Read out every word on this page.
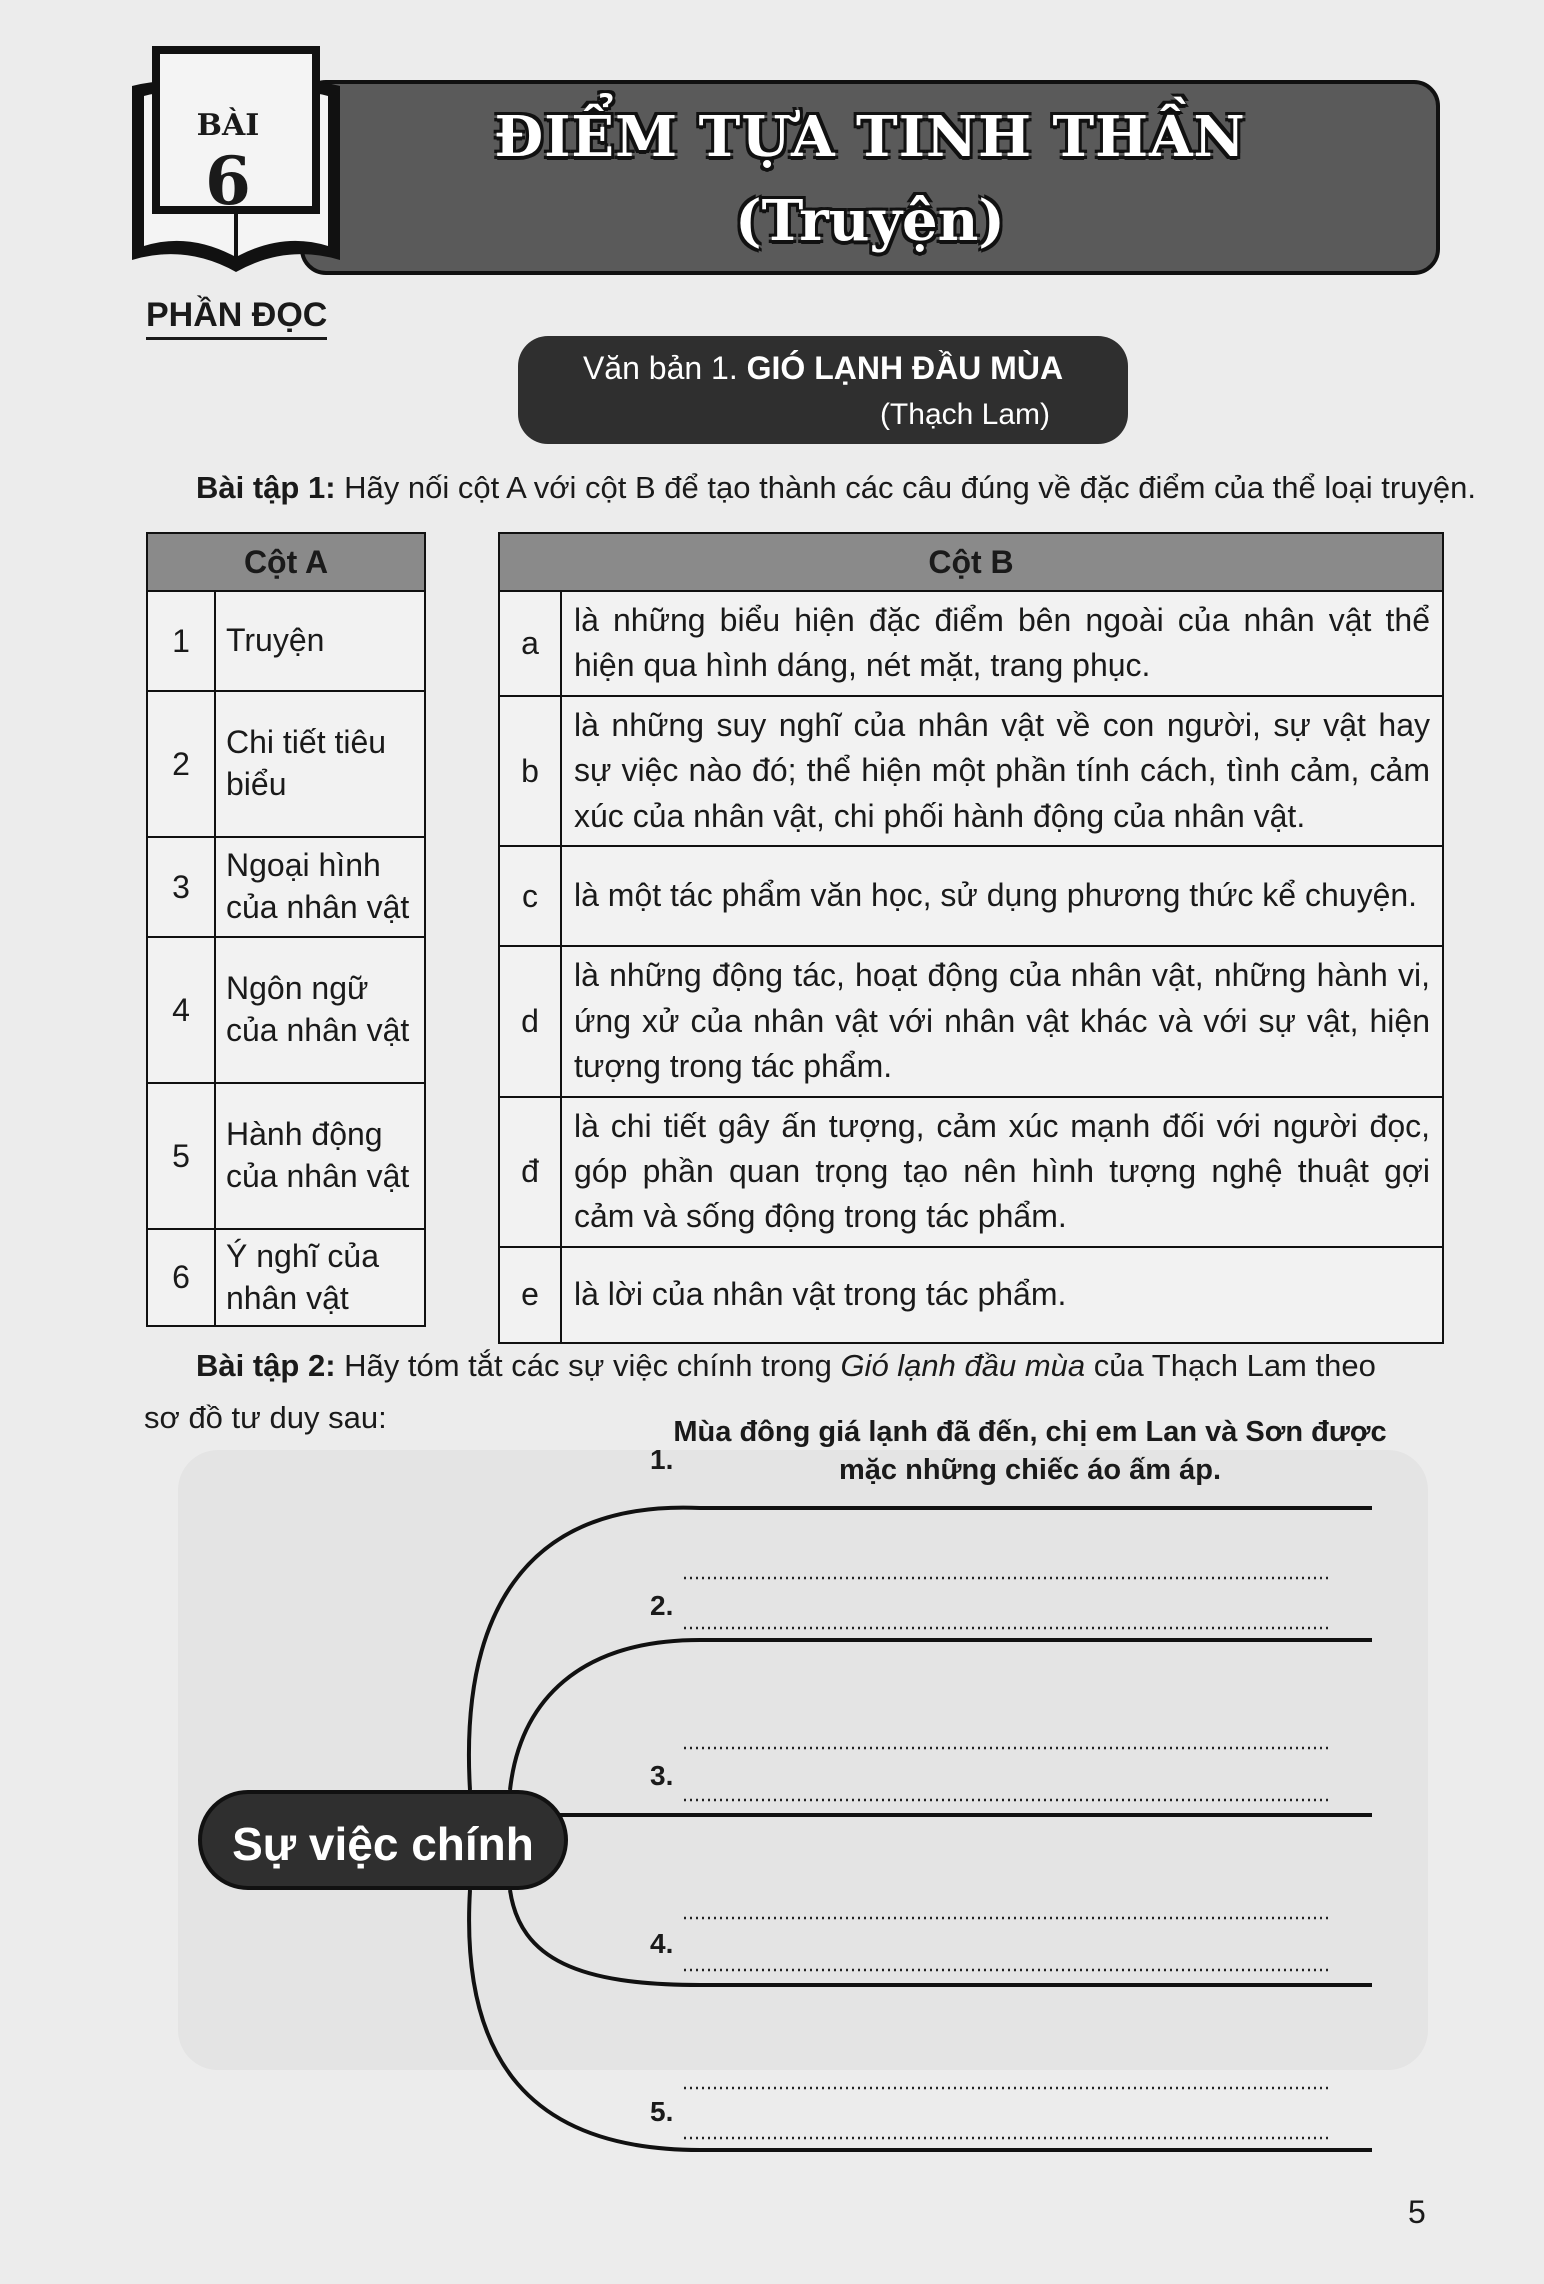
BÀI
6
ĐIỂM TỰA TINH THẦN
(Truyện)
PHẦN ĐỌC
Văn bản 1. GIÓ LẠNH ĐẦU MÙA
(Thạch Lam)
Bài tập 1: Hãy nối cột A với cột B để tạo thành các câu đúng về đặc điểm của thể loại truyện.
Cột A	
1	Truyện
2	Chi tiết tiêu biểu
3	Ngoại hình của nhân vật
4	Ngôn ngữ của nhân vật
5	Hành động của nhân vật
6	Ý nghĩ của nhân vật
Cột B	
a	là những biểu hiện đặc điểm bên ngoài của nhân vật thể hiện qua hình dáng, nét mặt, trang phục.
b	là những suy nghĩ của nhân vật về con người, sự vật hay sự việc nào đó; thể hiện một phần tính cách, tình cảm, cảm xúc của nhân vật, chi phối hành động của nhân vật.
c	là một tác phẩm văn học, sử dụng phương thức kể chuyện.
d	là những động tác, hoạt động của nhân vật, những hành vi, ứng xử của nhân vật với nhân vật khác và với sự vật, hiện tượng trong tác phẩm.
đ	là chi tiết gây ấn tượng, cảm xúc mạnh đối với người đọc, góp phần quan trọng tạo nên hình tượng nghệ thuật gợi cảm và sống động trong tác phẩm.
e	là lời của nhân vật trong tác phẩm.
Bài tập 2: Hãy tóm tắt các sự việc chính trong Gió lạnh đầu mùa của Thạch Lam theo
sơ đồ tư duy sau:
Sự việc chính
1.
Mùa đông giá lạnh đã đến, chị em Lan và Sơn được mặc những chiếc áo ấm áp.
2.
3.
4.
5.
5
